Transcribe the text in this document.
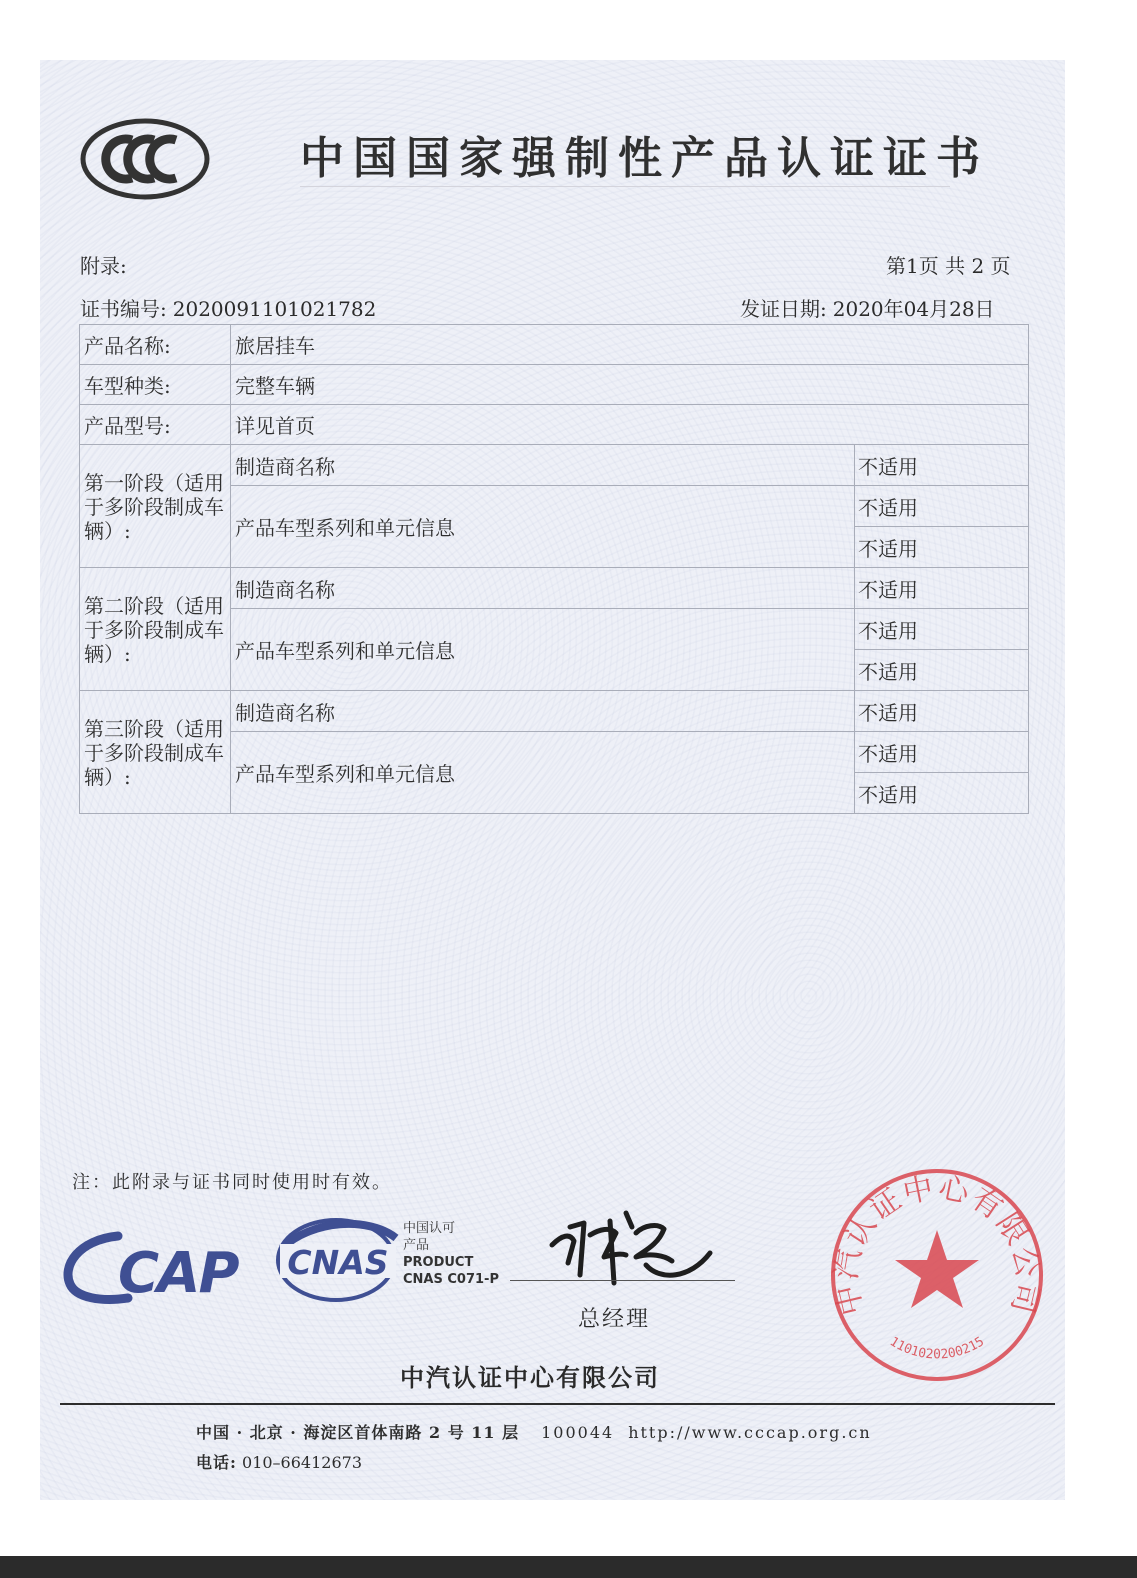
中国国家强制性产品认证证书
附录:	第1页 共 2 页
证书编号: 2020091101021782	发证日期: 2020年04月28日
产品名称:	旅居挂车	
车型种类:	完整车辆	
产品型号:	详见首页	
第一阶段（适用于多阶段制成车辆）:	制造商名称	不适用
	产品车型系列和单元信息	不适用
		不适用
第二阶段（适用于多阶段制成车辆）:	制造商名称	不适用
	产品车型系列和单元信息	不适用
		不适用
第三阶段（适用于多阶段制成车辆）:	制造商名称	不适用
	产品车型系列和单元信息	不适用
		不适用
注：此附录与证书同时使用时有效。
CAP CNAS
中国认可
产品
PRODUCT
CNAS C071-P
总经理
中汽认证中心有限公司
中汽认证中心有限公司
1101020200215
中国 · 北京 · 海淀区首体南路 2 号 11 层 100044 http://www.cccap.org.cn
电话: 010–66412673
